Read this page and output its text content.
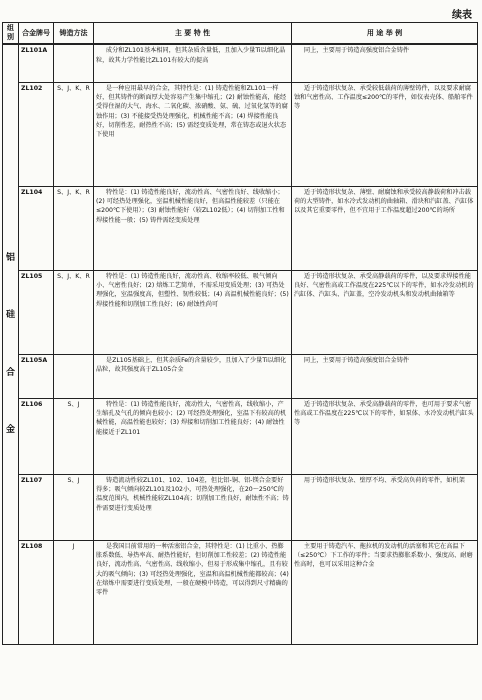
续表
组别	合金牌号	铸造方法	主 要 特 性	用 途 举 例

铝
硅
合
金	ZL101A		成分和ZL101基本相同，但其杂质含量低，且加入少量Ti以细化晶粒，故其力学性能比ZL101有较大的提高	同上，主要用于铸造高强度铝合金铸件
	ZL102	S、J、K、R	是一种应用最早的合金，其特性是：(1) 铸造性能和ZL101一样好，但其铸件的断面厚大处容易产生集中缩孔；(2) 耐蚀性能高，能经受得住湿的大气、海水、二氧化碳、浓硝酸、氨、硫、过氧化氢等的腐蚀作用；(3) 不能接受热处理强化，机械性能不高；(4) 焊接性能良好，切削性差，耐热性不高；(5) 需经变质处理，常在铸态或退火状态下使用	适于铸造形状复杂、承受较低载荷的薄壁铸件，以及要求耐腐蚀和气密性高、工作温度≤200℃的零件，如仪表壳体、船舶零件等
	ZL104	S、J、K、R	特性是：(1) 铸造性能良好，流动性高、气密性良好、线收缩小；(2) 可经热处理强化，室温机械性能良好，但高温性能较差（只能在≤200℃下使用）；(3) 耐蚀性能好（较ZL102低）；(4) 切削加工性和焊接性能一般；(5) 铸件需经变质处理	适于铸造形状复杂、薄壁、耐腐蚀和承受较高静载荷和冲击载荷的大型铸件，如水冷式发动机的曲轴箱、滑块和汽缸盖、汽缸体以及其它重要零件，但不宜用于工作温度超过200℃的场所
	ZL105	S、J、K、R	特性是：(1) 铸造性能良好，流动性高、收缩率较低、吸气倾向小、气密性良好；(2) 熔炼工艺简单，不需采用变质处理；(3) 可热处理强化，室温强度高，但塑性、韧性较低；(4) 高温机械性能良好；(5) 焊接性能和切削加工性良好；(6) 耐蚀性尚可	适于铸造形状复杂、承受高静载荷的零件，以及要求焊接性能良好、气密性高或工作温度在225℃以下的零件，如水冷发动机的汽缸体、汽缸头、汽缸盖，空冷发动机头和发动机曲轴箱等
	ZL105A		是ZL105基础上，但其杂质Fe的含量较少，且加入了少量Ti以细化晶粒，故其强度高于ZL105合金	同上，主要用于铸造高强度铝合金铸件
	ZL106	S、J	特性是：(1) 铸造性能良好，流动性大，气密性高，线收缩小，产生缩孔及气孔的倾向也较小；(2) 可经热处理强化，室温下有较高的机械性能，高温性能也较好；(3) 焊接和切削加工性能良好；(4) 耐蚀性能接近于ZL101	适于铸造形状复杂、承受高静载荷的零件，也可用于要求气密性高或工作温度在225℃以下的零件，如泵体、水冷发动机汽缸头等
	ZL107	S、J	铸造流动性较ZL101、102、104差，但比铝-铜、铝-镁合金要好得多；吸气倾向较ZL101及102小，可热处理强化，在20～250℃的温度范围内，机械性能较ZL104高；切削加工性良好，耐蚀性不高；铸件需要进行变质处理	用于铸造形状复杂、壁厚不均、承受高负荷的零件，如机架
	ZL108	J	是我国目前常用的一种活塞铝合金，其特性是：(1) 比重小、热膨胀系数低、导热率高、耐热性能好，但切削加工性较差；(2) 铸造性能良好，流动性高、气密性高、线收缩小，但易于形成集中缩孔，且有较大的吸气倾向；(3) 可经热处理强化，室温和高温机械性能都较高；(4) 在熔炼中需要进行变质处理，一般在硬模中铸造，可以得到尺寸精确的零件	主要用于铸造汽车、拖拉机的发动机的活塞和其它在高温下（≤250℃）下工作的零件；当要求热膨胀系数小、强度高、耐磨性高时，也可以采用这种合金
